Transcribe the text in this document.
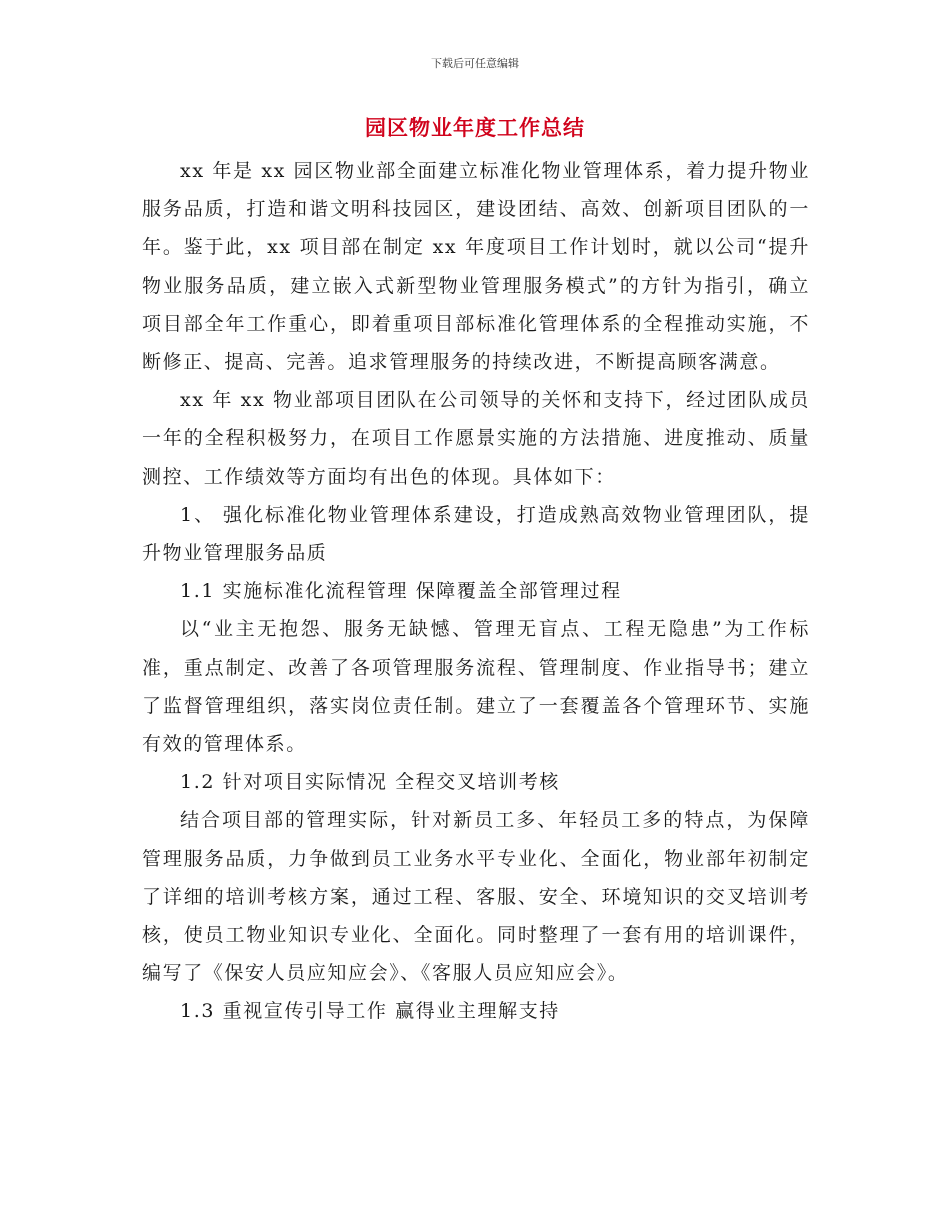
下载后可任意编辑
园区物业年度工作总结

xx 年是 xx 园区物业部全面建立标准化物业管理体系，着力提升物业服务品质，打造和谐文明科技园区，建设团结、高效、创新项目团队的一年。鉴于此，xx 项目部在制定 xx 年度项目工作计划时，就以公司“提升物业服务品质，建立嵌入式新型物业管理服务模式”的方针为指引，确立项目部全年工作重心，即着重项目部标准化管理体系的全程推动实施，不断修正、提高、完善。追求管理服务的持续改进，不断提高顾客满意。

xx 年 xx 物业部项目团队在公司领导的关怀和支持下，经过团队成员一年的全程积极努力，在项目工作愿景实施的方法措施、进度推动、质量测控、工作绩效等方面均有出色的体现。具体如下：

1、 强化标准化物业管理体系建设，打造成熟高效物业管理团队，提升物业管理服务品质

1.1 实施标准化流程管理 保障覆盖全部管理过程

以“业主无抱怨、服务无缺憾、管理无盲点、工程无隐患”为工作标准，重点制定、改善了各项管理服务流程、管理制度、作业指导书；建立了监督管理组织，落实岗位责任制。建立了一套覆盖各个管理环节、实施有效的管理体系。

1.2 针对项目实际情况 全程交叉培训考核

结合项目部的管理实际，针对新员工多、年轻员工多的特点，为保障管理服务品质，力争做到员工业务水平专业化、全面化，物业部年初制定了详细的培训考核方案，通过工程、客服、安全、环境知识的交叉培训考核，使员工物业知识专业化、全面化。同时整理了一套有用的培训课件，编写了《保安人员应知应会》、《客服人员应知应会》。

1.3 重视宣传引导工作 赢得业主理解支持
